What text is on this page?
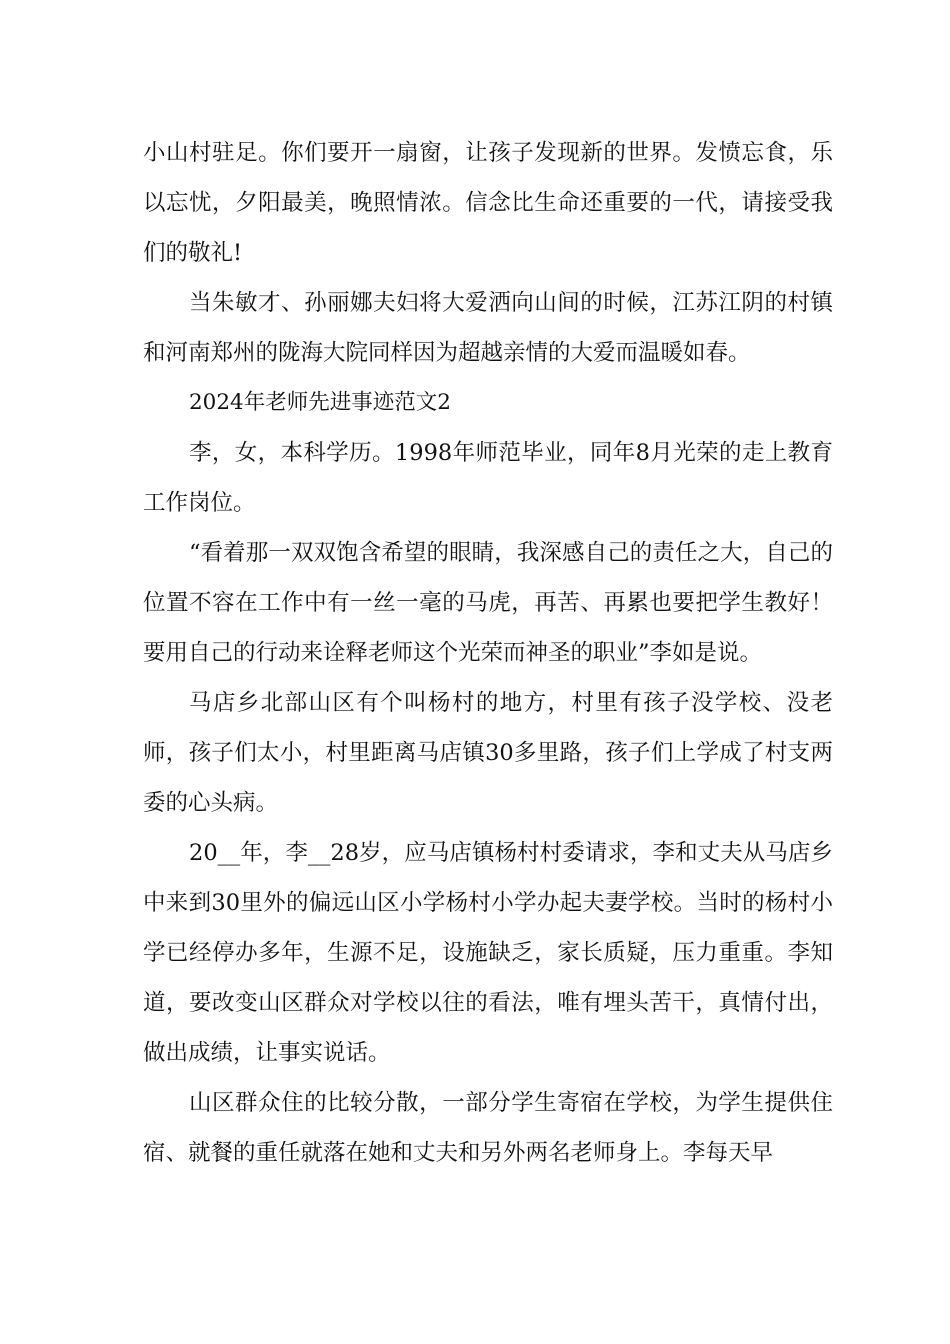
小山村驻足。你们要开一扇窗，让孩子发现新的世界。发愤忘食，乐以忘忧，夕阳最美，晚照情浓。信念比生命还重要的一代，请接受我们的敬礼!

当朱敏才、孙丽娜夫妇将大爱洒向山间的时候，江苏江阴的村镇和河南郑州的陇海大院同样因为超越亲情的大爱而温暖如春。

2024年老师先进事迹范文2

李，女，本科学历。1998年师范毕业，同年8月光荣的走上教育工作岗位。

“看着那一双双饱含希望的眼睛，我深感自己的责任之大，自己的位置不容在工作中有一丝一毫的马虎，再苦、再累也要把学生教好！要用自己的行动来诠释老师这个光荣而神圣的职业”李如是说。

马店乡北部山区有个叫杨村的地方，村里有孩子没学校、没老师，孩子们太小，村里距离马店镇30多里路，孩子们上学成了村支两委的心头病。

20__年，李__28岁，应马店镇杨村村委请求，李和丈夫从马店乡中来到30里外的偏远山区小学杨村小学办起夫妻学校。当时的杨村小学已经停办多年，生源不足，设施缺乏，家长质疑，压力重重。李知道，要改变山区群众对学校以往的看法，唯有埋头苦干，真情付出，做出成绩，让事实说话。

山区群众住的比较分散，一部分学生寄宿在学校，为学生提供住宿、就餐的重任就落在她和丈夫和另外两名老师身上。李每天早
